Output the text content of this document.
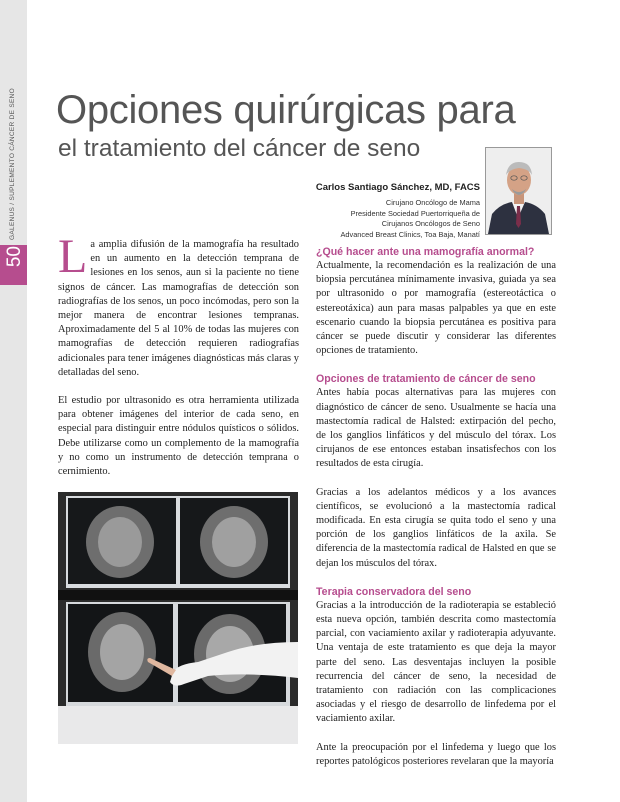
GALENUS / SUPLEMENTO CÁNCER DE SENO
50
Opciones quirúrgicas para
el tratamiento del cáncer de seno
Carlos Santiago Sánchez, MD, FACS
Cirujano Oncólogo de Mama
Presidente Sociedad Puertorriqueña de
Cirujanos Oncólogos de Seno
Advanced Breast Clinics, Toa Baja, Manatí

La amplia difusión de la mamografía ha resultado en un aumento en la detección temprana de lesiones en los senos, aun si la paciente no tiene signos de cáncer. Las mamografías de detección son radiografías de los senos, un poco incómodas, pero son la mejor manera de encontrar lesiones tempranas. Aproximadamente del 5 al 10% de todas las mujeres con mamografías de detección requieren radiografías adicionales para tener imágenes diagnósticas más claras y detalladas del seno.

El estudio por ultrasonido es otra herramienta utilizada para obtener imágenes del interior de cada seno, en especial para distinguir entre nódulos quísticos o sólidos. Debe utilizarse como un complemento de la mamografía y no como un instrumento de detección temprana o cernimiento.

¿Qué hacer ante una mamografía anormal?

Actualmente, la recomendación es la realización de una biopsia percutánea mínimamente invasiva, guiada ya sea por ultrasonido o por mamografía (estereotáctica o estereotáxica) aun para masas palpables ya que en este escenario cuando la biopsia percutánea es positiva para cáncer se puede discutir y considerar las diferentes opciones de tratamiento.

Opciones de tratamiento de cáncer de seno

Antes había pocas alternativas para las mujeres con diagnóstico de cáncer de seno. Usualmente se hacía una mastectomía radical de Halsted: extirpación del pecho, de los ganglios linfáticos y del músculo del tórax. Los cirujanos de ese entonces estaban insatisfechos con los resultados de esta cirugía.

Gracias a los adelantos médicos y a los avances científicos, se evolucionó a la mastectomía radical modificada. En esta cirugía se quita todo el seno y una porción de los ganglios linfáticos de la axila. Se diferencia de la mastectomía radical de Halsted en que se dejan los músculos del tórax.

Terapia conservadora del seno

Gracias a la introducción de la radioterapia se estableció esta nueva opción, también descrita como mastectomía parcial, con vaciamiento axilar y radioterapia adyuvante. Una ventaja de este tratamiento es que deja la mayor parte del seno. Las desventajas incluyen la posible recurrencia del cáncer de seno, la necesidad de tratamiento con radiación con las complicaciones asociadas y el riesgo de desarrollo de linfedema por el vaciamiento axilar.

Ante la preocupación por el linfedema y luego que los reportes patológicos posteriores revelaran que la mayoría
